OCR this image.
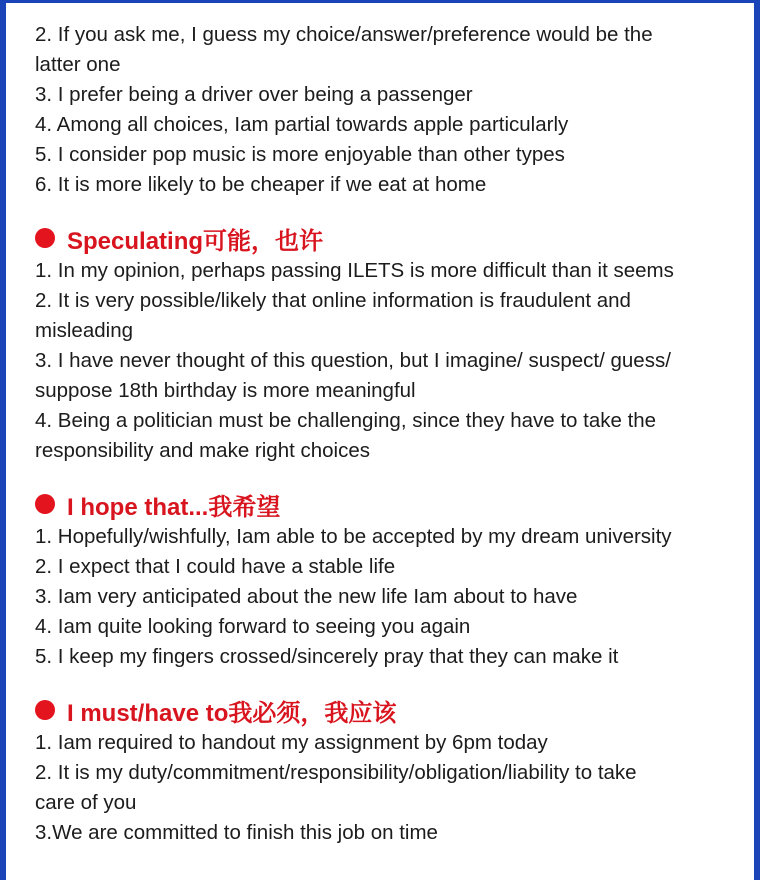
2. If you ask me, I guess my choice/answer/preference would be the

latter one

3. I prefer being a driver over being a passenger

4. Among all choices, Iam partial towards apple particularly

5. I consider pop music is more enjoyable than other types

6. It is more likely to be cheaper if we eat at home

Speculating可能，也许

1. In my opinion, perhaps passing ILETS is more difficult than it seems

2. It is very possible/likely that online information is fraudulent and

misleading

3. I have never thought of this question, but I imagine/ suspect/ guess/

suppose 18th birthday is more meaningful

4. Being a politician must be challenging, since they have to take the

responsibility and make right choices

I hope that...我希望

1. Hopefully/wishfully, Iam able to be accepted by my dream university

2. I expect that I could have a stable life

3. Iam very anticipated about the new life Iam about to have

4. Iam quite looking forward to seeing you again

5. I keep my fingers crossed/sincerely pray that they can make it

I must/have to我必须，我应该

1. Iam required to handout my assignment by 6pm today

2. It is my duty/commitment/responsibility/obligation/liability to take

care of you

3.We are committed to finish this job on time
